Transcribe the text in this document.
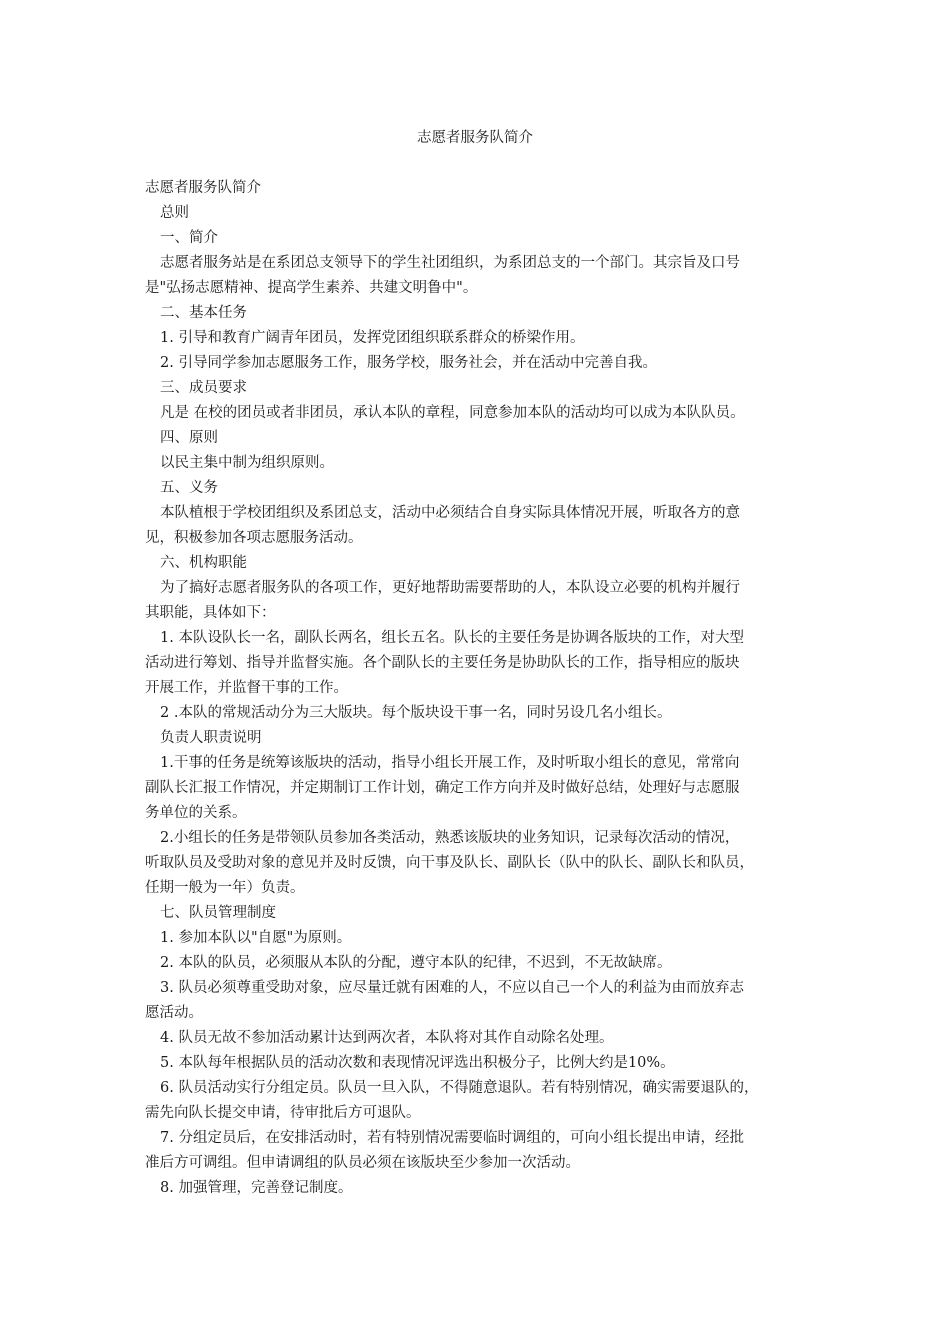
志愿者服务队简介
志愿者服务队简介
总则
一、简介
志愿者服务站是在系团总支领导下的学生社团组织，为系团总支的一个部门。其宗旨及口号
是"弘扬志愿精神、提高学生素养、共建文明鲁中"。
二、基本任务
1. 引导和教育广阔青年团员，发挥党团组织联系群众的桥梁作用。
2. 引导同学参加志愿服务工作，服务学校，服务社会，并在活动中完善自我。
三、成员要求
凡是 在校的团员或者非团员，承认本队的章程，同意参加本队的活动均可以成为本队队员。
四、原则
以民主集中制为组织原则。
五、义务
本队植根于学校团组织及系团总支，活动中必须结合自身实际具体情况开展，听取各方的意
见，积极参加各项志愿服务活动。
六、机构职能
为了搞好志愿者服务队的各项工作，更好地帮助需要帮助的人，本队设立必要的机构并履行
其职能，具体如下：
1. 本队设队长一名，副队长两名，组长五名。队长的主要任务是协调各版块的工作，对大型
活动进行筹划、指导并监督实施。各个副队长的主要任务是协助队长的工作，指导相应的版块
开展工作，并监督干事的工作。
2 .本队的常规活动分为三大版块。每个版块设干事一名，同时另设几名小组长。
负责人职责说明
1.干事的任务是统筹该版块的活动，指导小组长开展工作，及时听取小组长的意见，常常向
副队长汇报工作情况，并定期制订工作计划，确定工作方向并及时做好总结，处理好与志愿服
务单位的关系。
2.小组长的任务是带领队员参加各类活动，熟悉该版块的业务知识，记录每次活动的情况，
听取队员及受助对象的意见并及时反馈，向干事及队长、副队长（队中的队长、副队长和队员，
任期一般为一年）负责。
七、队员管理制度
1. 参加本队以"自愿"为原则。
2. 本队的队员，必须服从本队的分配，遵守本队的纪律，不迟到，不无故缺席。
3. 队员必须尊重受助对象，应尽量迁就有困难的人，不应以自己一个人的利益为由而放弃志
愿活动。
4. 队员无故不参加活动累计达到两次者，本队将对其作自动除名处理。
5. 本队每年根据队员的活动次数和表现情况评选出积极分子，比例大约是10%。
6. 队员活动实行分组定员。队员一旦入队，不得随意退队。若有特别情况，确实需要退队的，
需先向队长提交申请，待审批后方可退队。
7. 分组定员后，在安排活动时，若有特别情况需要临时调组的，可向小组长提出申请，经批
准后方可调组。但申请调组的队员必须在该版块至少参加一次活动。
8. 加强管理，完善登记制度。
